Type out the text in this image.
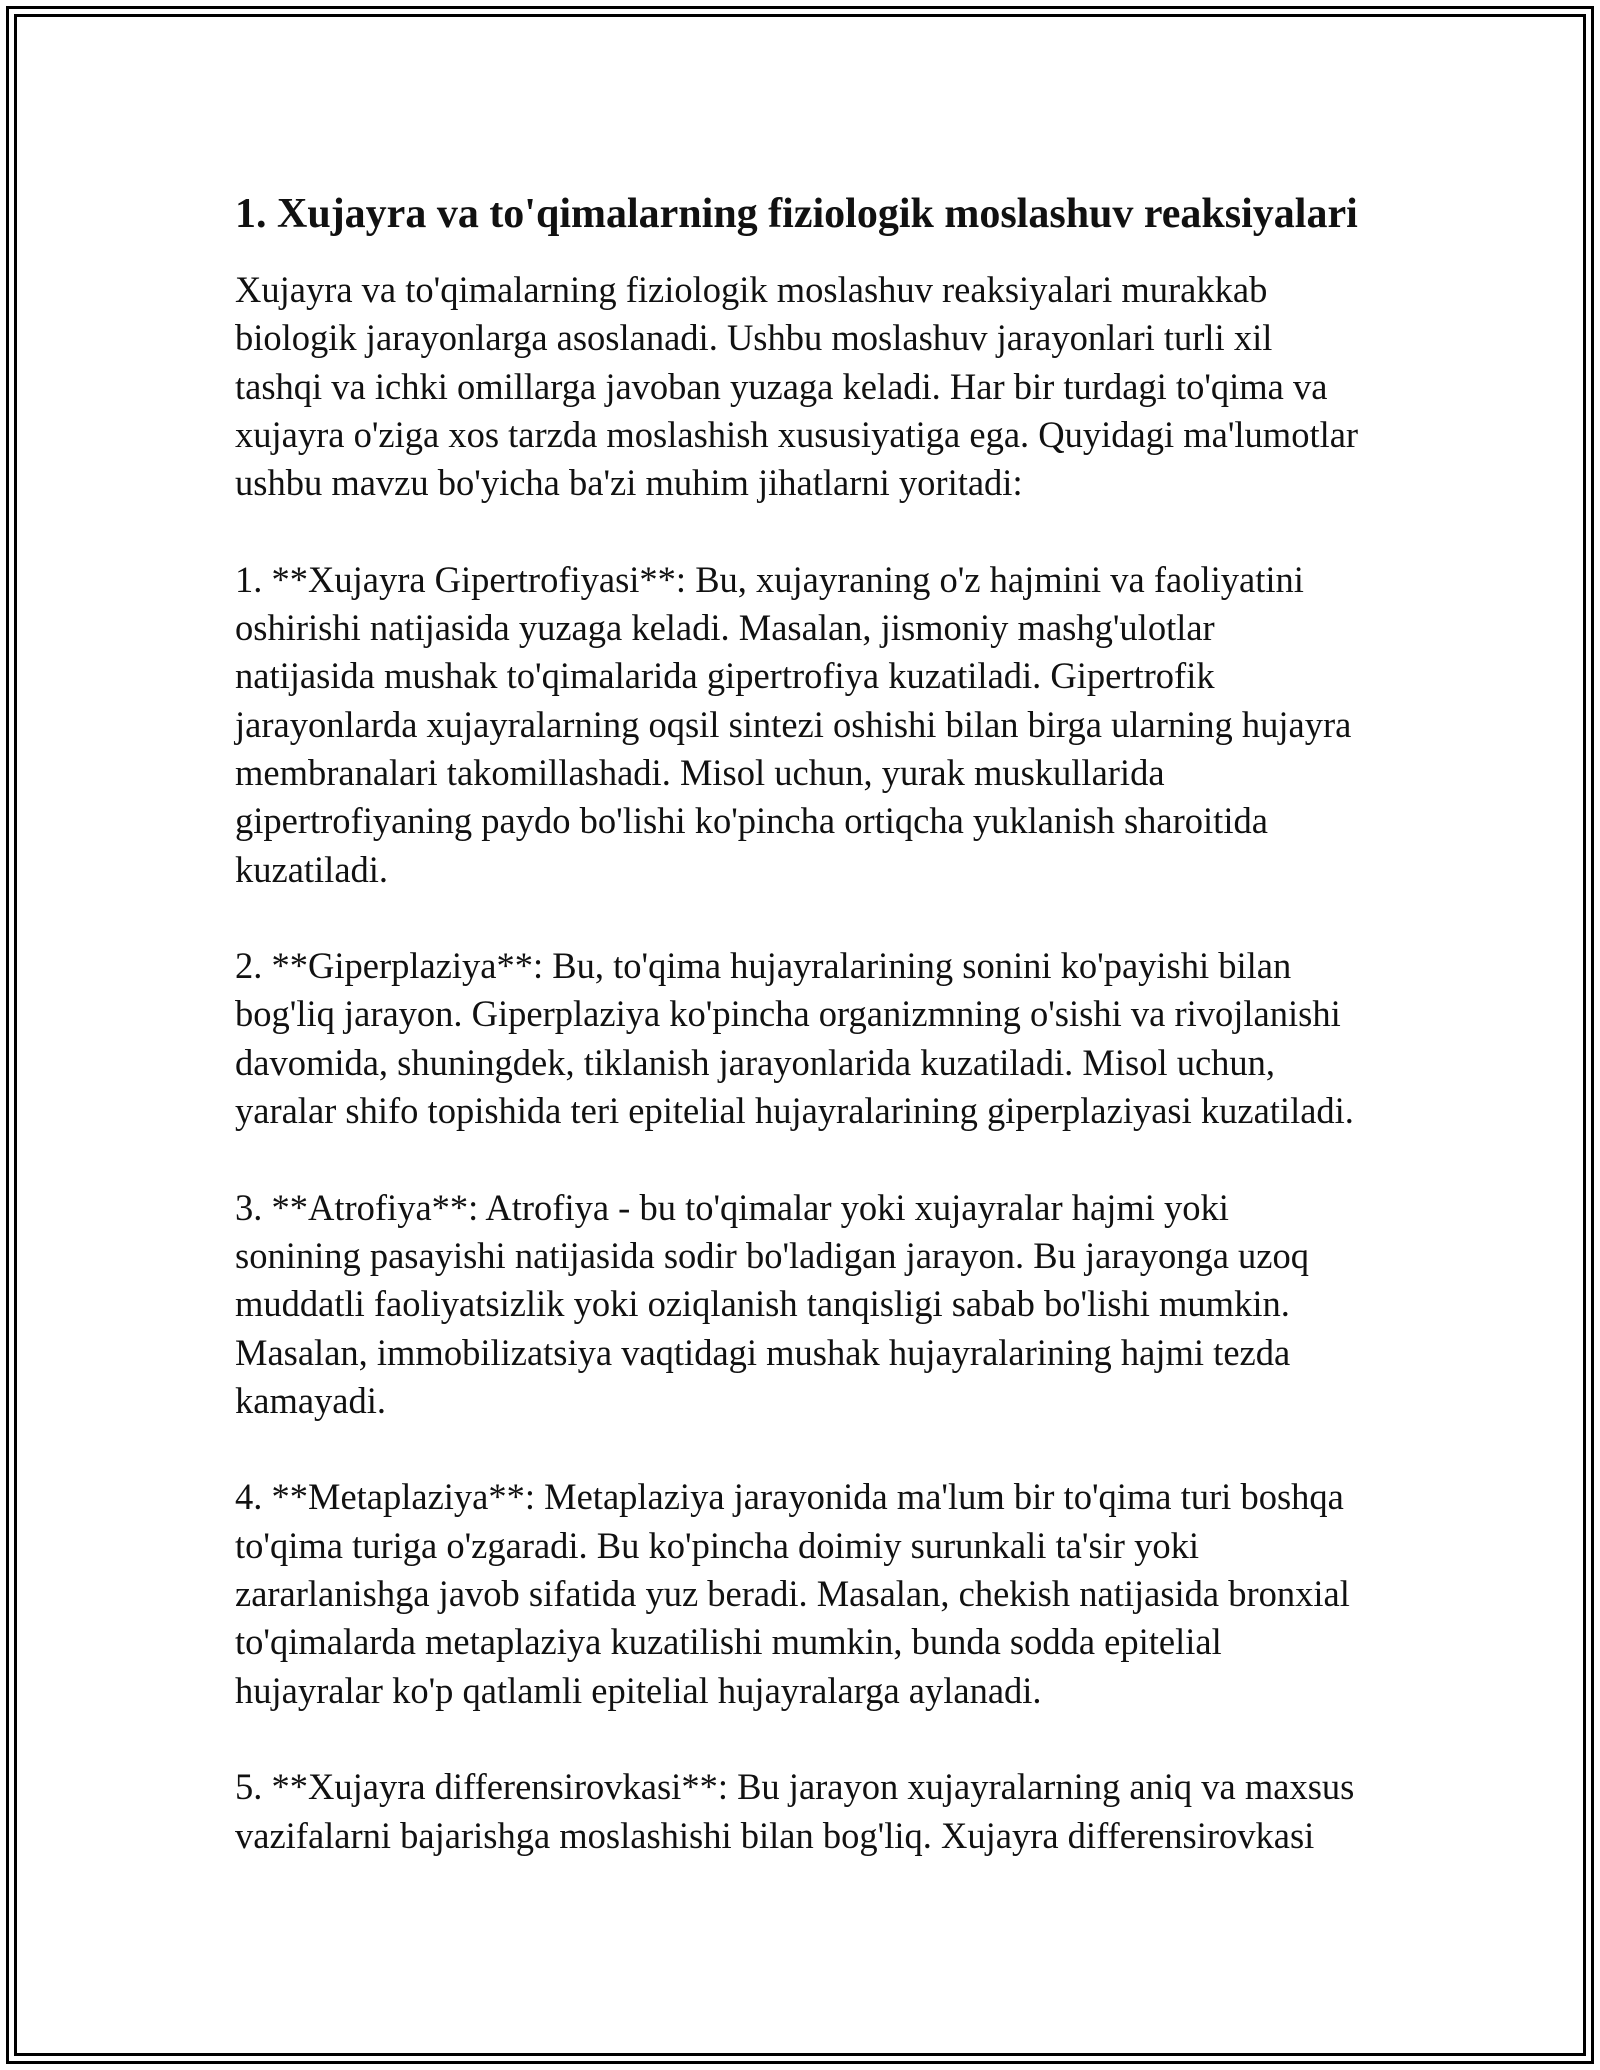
1. Xujayra va to'qimalarning fiziologik moslashuv reaksiyalari
Xujayra va to'qimalarning fiziologik moslashuv reaksiyalari murakkab
biologik jarayonlarga asoslanadi. Ushbu moslashuv jarayonlari turli xil
tashqi va ichki omillarga javoban yuzaga keladi. Har bir turdagi to'qima va
xujayra o'ziga xos tarzda moslashish xususiyatiga ega. Quyidagi ma'lumotlar
ushbu mavzu bo'yicha ba'zi muhim jihatlarni yoritadi:
1. **Xujayra Gipertrofiyasi**: Bu, xujayraning o'z hajmini va faoliyatini
oshirishi natijasida yuzaga keladi. Masalan, jismoniy mashg'ulotlar
natijasida mushak to'qimalarida gipertrofiya kuzatiladi. Gipertrofik
jarayonlarda xujayralarning oqsil sintezi oshishi bilan birga ularning hujayra
membranalari takomillashadi. Misol uchun, yurak muskullarida
gipertrofiyaning paydo bo'lishi ko'pincha ortiqcha yuklanish sharoitida
kuzatiladi.
2. **Giperplaziya**: Bu, to'qima hujayralarining sonini ko'payishi bilan
bog'liq jarayon. Giperplaziya ko'pincha organizmning o'sishi va rivojlanishi
davomida, shuningdek, tiklanish jarayonlarida kuzatiladi. Misol uchun,
yaralar shifo topishida teri epitelial hujayralarining giperplaziyasi kuzatiladi.
3. **Atrofiya**: Atrofiya - bu to'qimalar yoki xujayralar hajmi yoki
sonining pasayishi natijasida sodir bo'ladigan jarayon. Bu jarayonga uzoq
muddatli faoliyatsizlik yoki oziqlanish tanqisligi sabab bo'lishi mumkin.
Masalan, immobilizatsiya vaqtidagi mushak hujayralarining hajmi tezda
kamayadi.
4. **Metaplaziya**: Metaplaziya jarayonida ma'lum bir to'qima turi boshqa
to'qima turiga o'zgaradi. Bu ko'pincha doimiy surunkali ta'sir yoki
zararlanishga javob sifatida yuz beradi. Masalan, chekish natijasida bronxial
to'qimalarda metaplaziya kuzatilishi mumkin, bunda sodda epitelial
hujayralar ko'p qatlamli epitelial hujayralarga aylanadi.
5. **Xujayra differensirovkasi**: Bu jarayon xujayralarning aniq va maxsus
vazifalarni bajarishga moslashishi bilan bog'liq. Xujayra differensirovkasi
